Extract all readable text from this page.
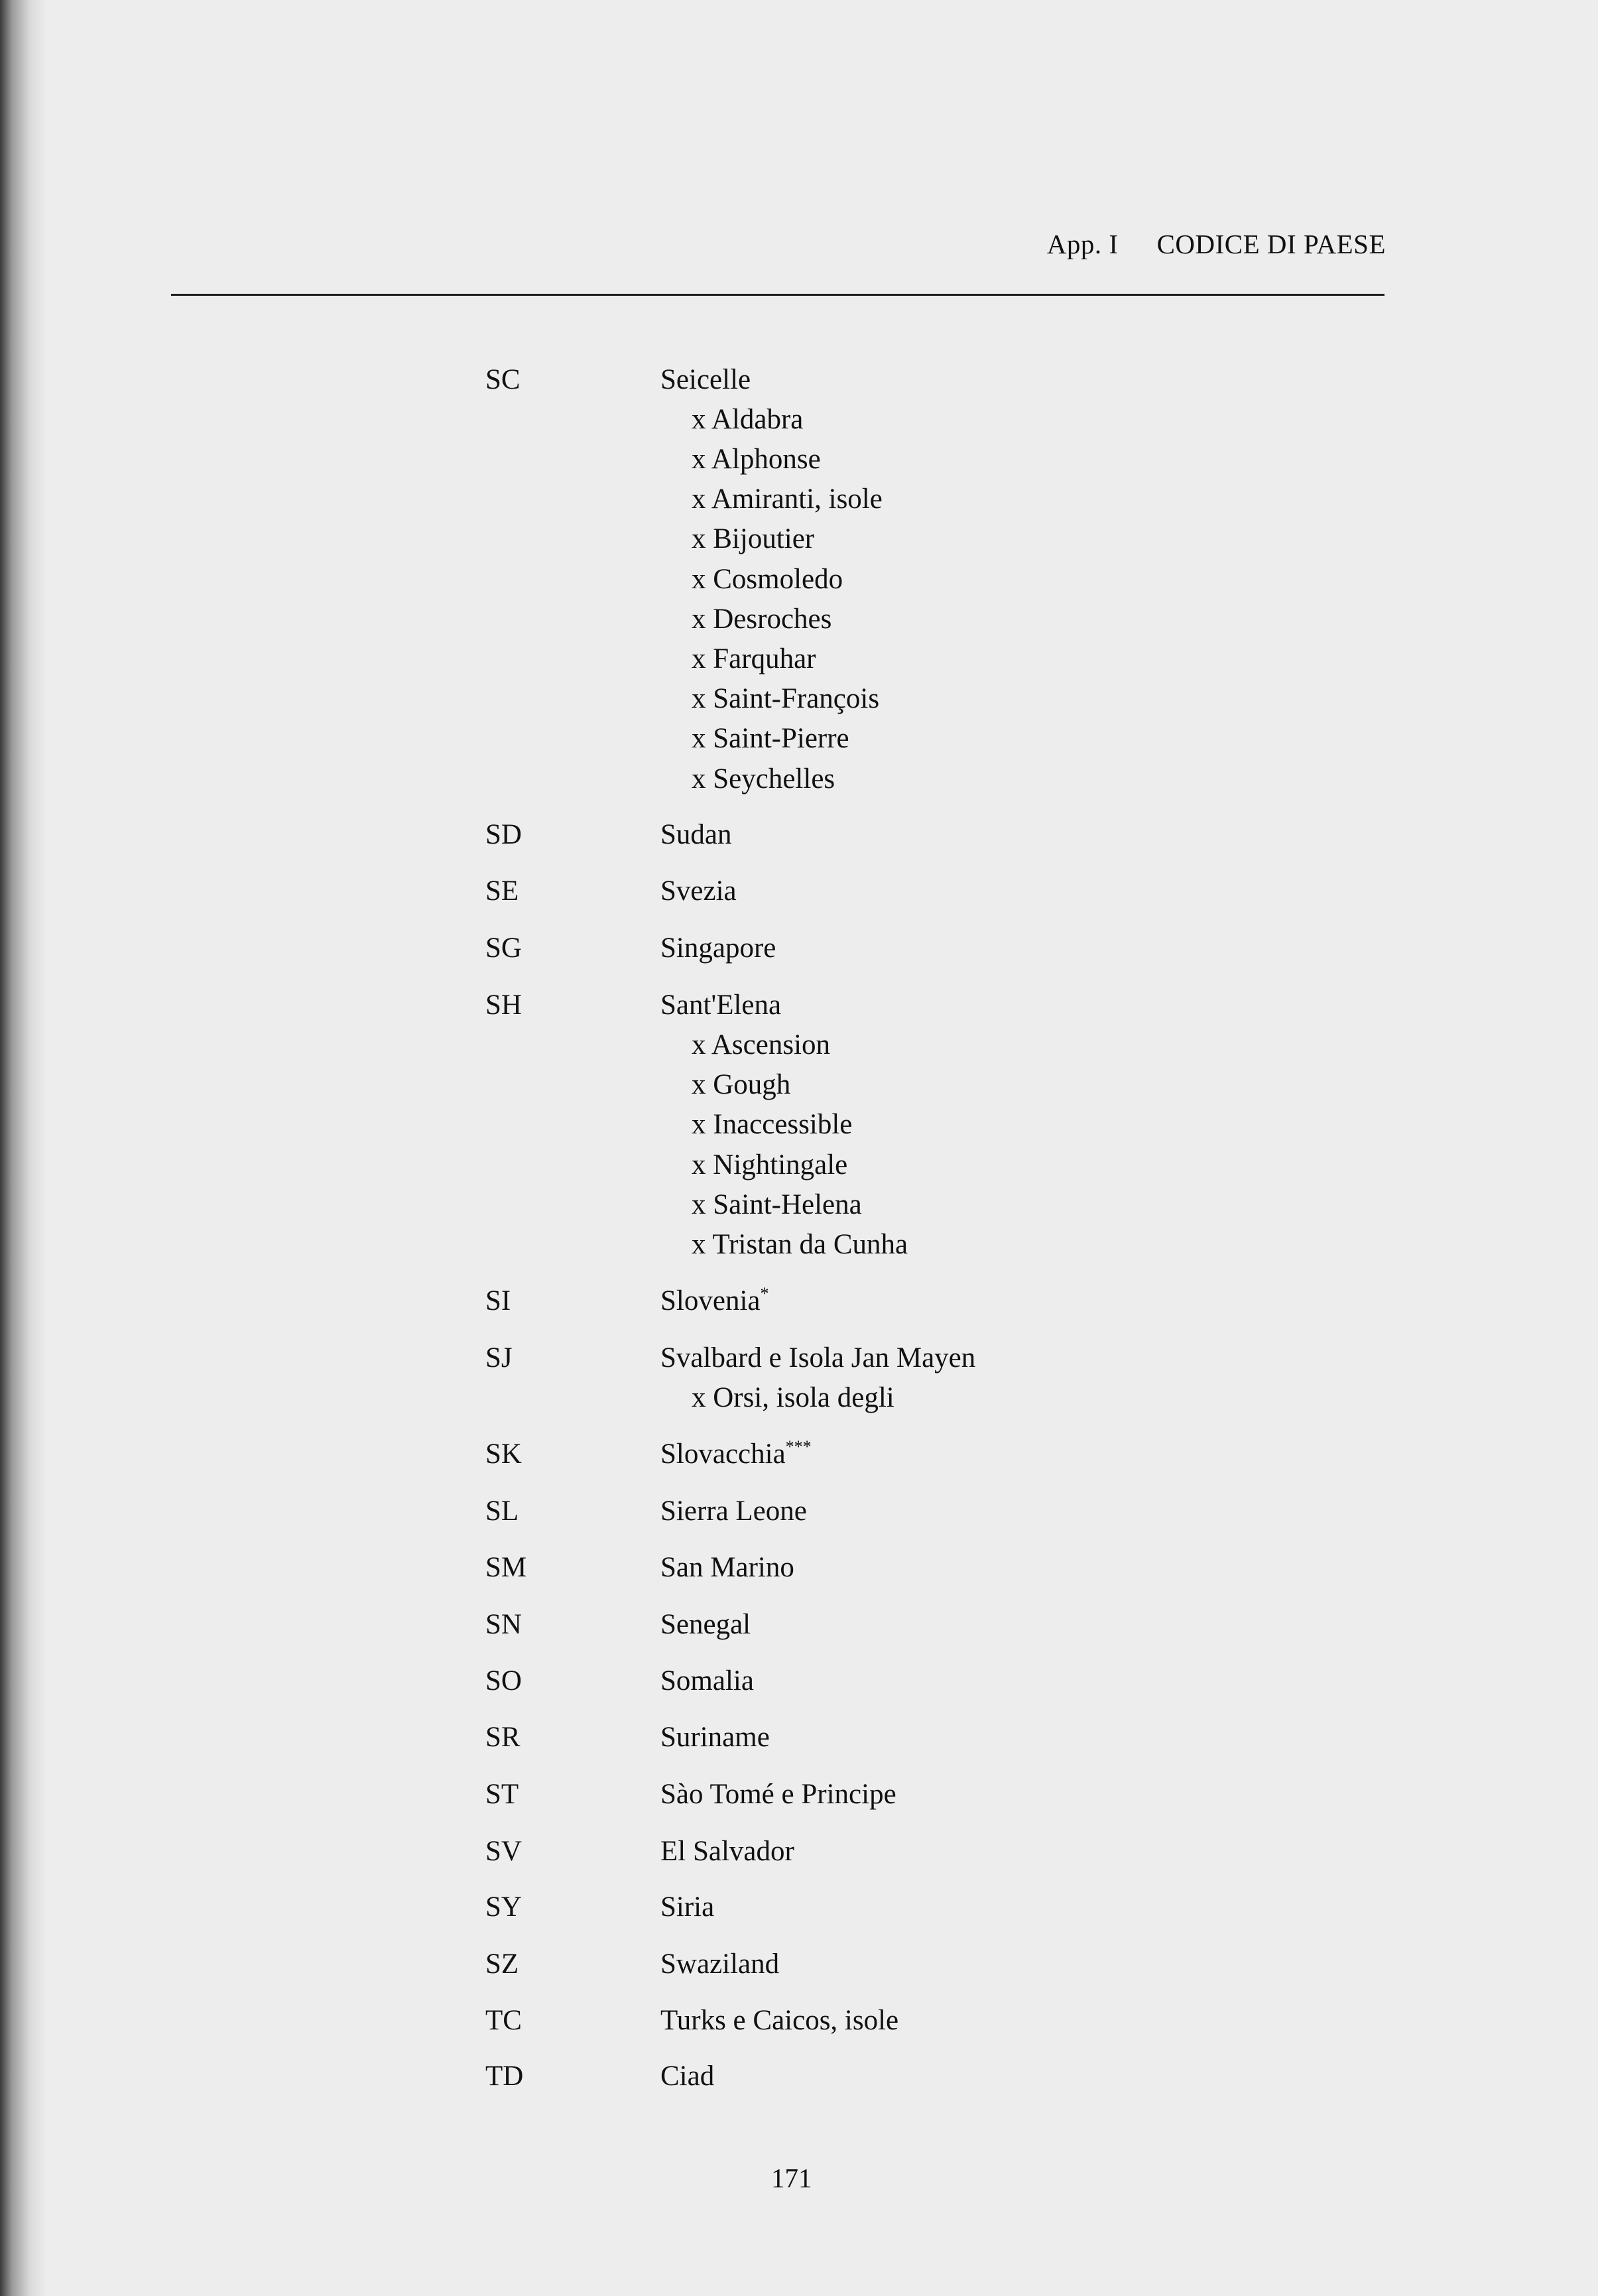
App. I CODICE DI PAESE
SC	Seicelle
x Aldabra
x Alphonse
x Amiranti, isole
x Bijoutier
x Cosmoledo
x Desroches
x Farquhar
x Saint-François
x Saint-Pierre
x Seychelles
SD	Sudan
SE	Svezia
SG	Singapore
SH	Sant'Elena
x Ascension
x Gough
x Inaccessible
x Nightingale
x Saint-Helena
x Tristan da Cunha
SI	Slovenia*
SJ	Svalbard e Isola Jan Mayen
x Orsi, isola degli
SK	Slovacchia***
SL	Sierra Leone
SM	San Marino
SN	Senegal
SO	Somalia
SR	Suriname
ST	Sào Tomé e Principe
SV	El Salvador
SY	Siria
SZ	Swaziland
TC	Turks e Caicos, isole
TD	Ciad
171
